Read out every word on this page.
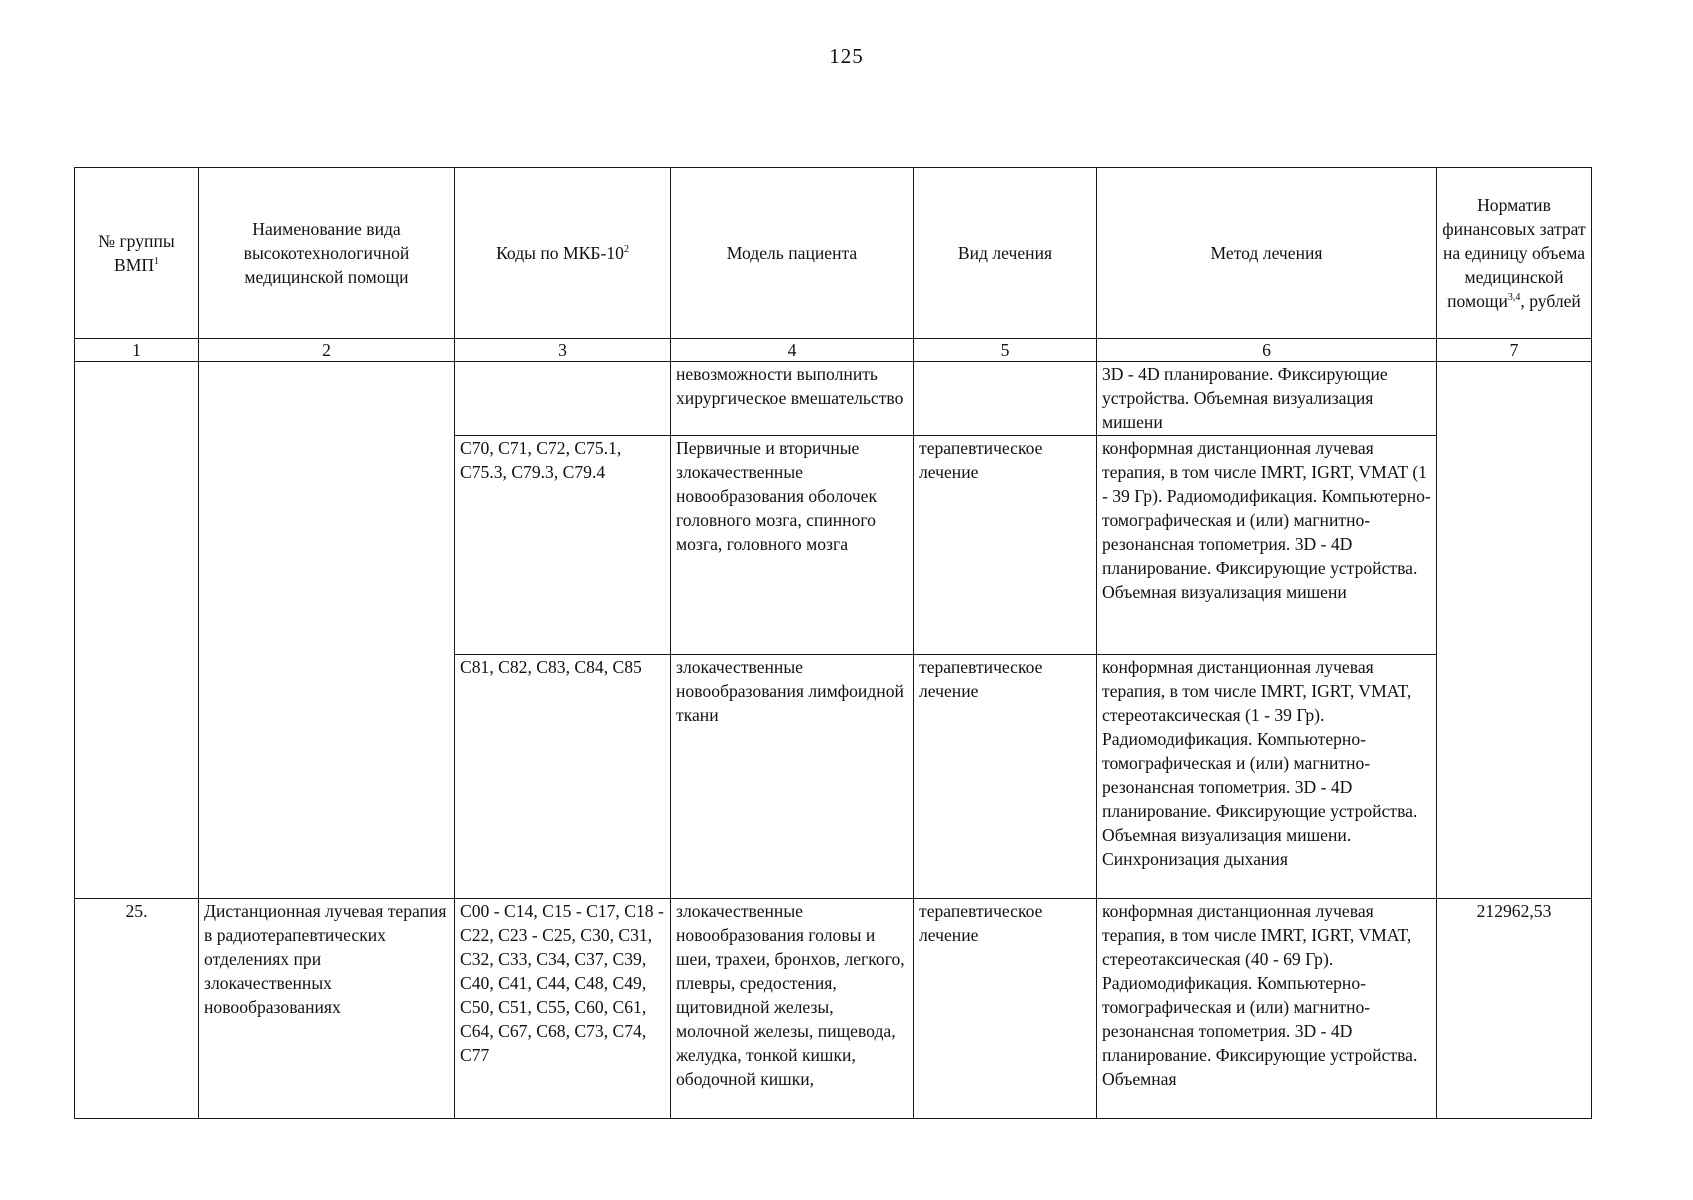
125
№ группы ВМП$^1$	Наименование вида высокотехнологичной медицинской помощи	Коды по МКБ-$10^2$	Модель пациента	Вид лечения	Метод лечения	Норматив финансовых затрат на единицу объема медицинской помощи$^{3,4}$, рублей
1	2	3	4	5	6	7
			невозможности выполнить хирургическое вмешательство		3D - 4D планирование. Фиксирующие устройства. Объемная визуализация мишени	
		С70, С71, С72, С75.1, С75.3, С79.3, С79.4	Первичные и вторичные злокачественные новообразования оболочек головного мозга, спинного мозга, головного мозга	терапевтическое лечение	конформная дистанционная лучевая терапия, в том числе IMRT, IGRT, VMAT (1 - 39 Гр). Радиомодификация. Компьютерно-томографическая и (или) магнитно-резонансная топометрия. 3D - 4D планирование. Фиксирующие устройства. Объемная визуализация мишени	
		С81, С82, С83, С84, С85	злокачественные новообразования лимфоидной ткани	терапевтическое лечение	конформная дистанционная лучевая терапия, в том числе IMRT, IGRT, VMAT, стереотаксическая (1 - 39 Гр). Радиомодификация. Компьютерно-томографическая и (или) магнитно-резонансная топометрия. 3D - 4D планирование. Фиксирующие устройства. Объемная визуализация мишени. Синхронизация дыхания	
25.	Дистанционная лучевая терапия в радиотерапевтических отделениях при злокачественных новообразованиях	С00 - С14, С15 - С17, С18 - С22, С23 - С25, С30, С31, С32, С33, С34, С37, С39, С40, С41, С44, С48, С49, С50, С51, С55, С60, С61, С64, С67, С68, С73, С74, С77	злокачественные новообразования головы и шеи, трахеи, бронхов, легкого, плевры, средостения, щитовидной железы, молочной железы, пищевода, желудка, тонкой кишки, ободочной кишки,	терапевтическое лечение	конформная дистанционная лучевая терапия, в том числе IMRT, IGRT, VMAT, стереотаксическая (40 - 69 Гр). Радиомодификация. Компьютерно-томографическая и (или) магнитно-резонансная топометрия. 3D - 4D планирование. Фиксирующие устройства. Объемная	212962,53
